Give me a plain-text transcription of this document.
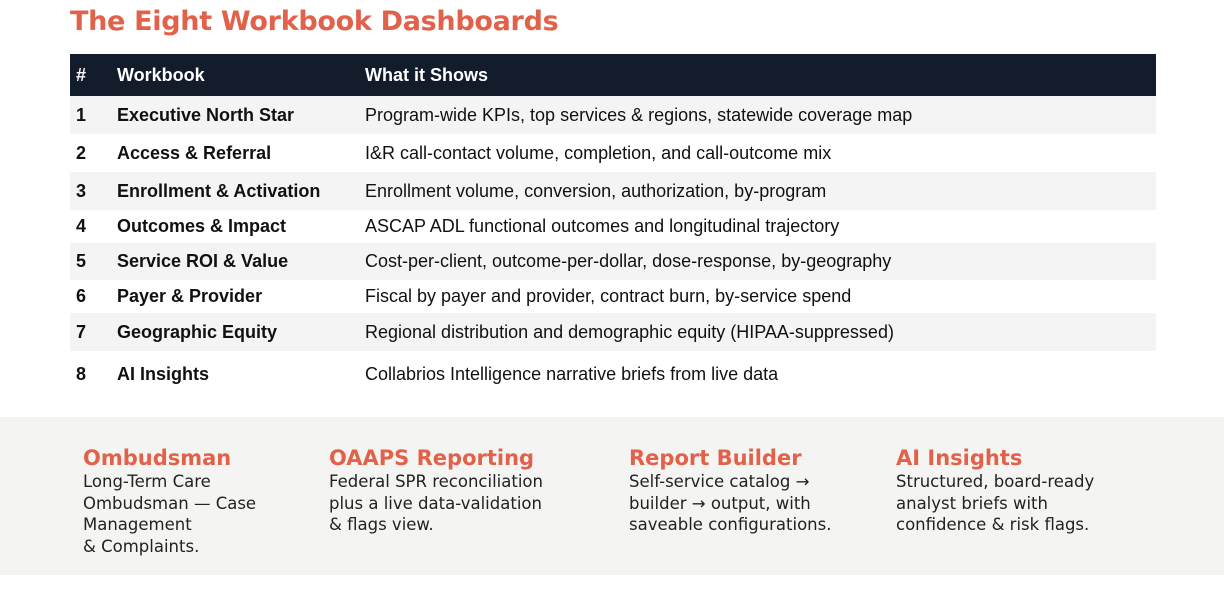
The Eight Workbook Dashboards
#	Workbook	What it Shows
1	Executive North Star	Program-wide KPIs, top services & regions, statewide coverage map
2	Access & Referral	I&R call-contact volume, completion, and call-outcome mix
3	Enrollment & Activation	Enrollment volume, conversion, authorization, by-program
4	Outcomes & Impact	ASCAP ADL functional outcomes and longitudinal trajectory
5	Service ROI & Value	Cost-per-client, outcome-per-dollar, dose-response, by-geography
6	Payer & Provider	Fiscal by payer and provider, contract burn, by-service spend
7	Geographic Equity	Regional distribution and demographic equity (HIPAA-suppressed)
8	AI Insights	Collabrios Intelligence narrative briefs from live data
Ombudsman
Long-Term Care
Ombudsman — Case
Management
& Complaints.
OAAPS Reporting
Federal SPR reconciliation
plus a live data-validation
& flags view.
Report Builder
Self-service catalog →
builder → output, with
saveable configurations.
AI Insights
Structured, board-ready
analyst briefs with
confidence & risk flags.
